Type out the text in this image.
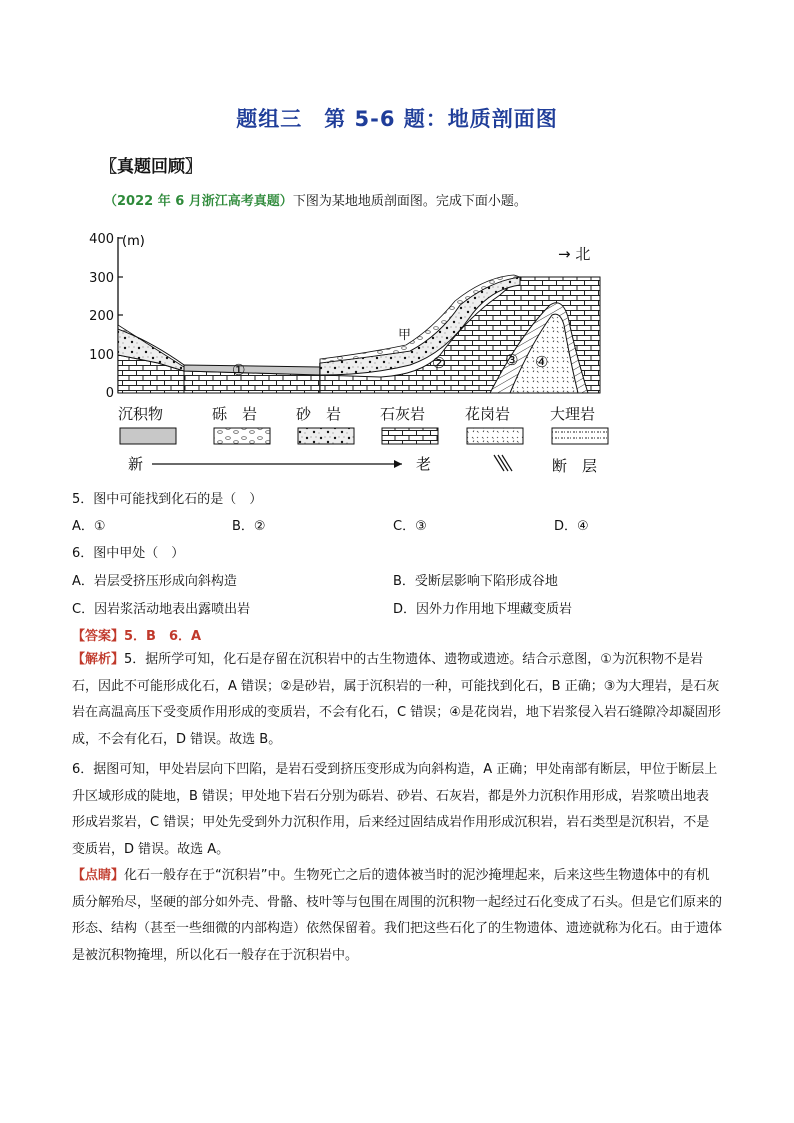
题组三　第 5-6 题：地质剖面图
〖真题回顾〗
（2022 年 6 月浙江高考真题）下图为某地地质剖面图。完成下面小题。
400
300
200
100
0
(m)
①	②	③ ④
甲
→ 北
沉积物	砾　岩	砂　岩	石灰岩	花岗岩	大理岩
新	老	断　层
5．图中可能找到化石的是（　）
A．①	B．②	C．③	D．④
6．图中甲处（　）
A．岩层受挤压形成向斜构造	B．受断层影响下陷形成谷地
C．因岩浆活动地表出露喷出岩	D．因外力作用地下埋藏变质岩
【答案】5．B　6．A
【解析】5．据所学可知，化石是存留在沉积岩中的古生物遗体、遗物或遗迹。结合示意图，①为沉积物不是岩石，因此不可能形成化石，A 错误；②是砂岩，属于沉积岩的一种，可能找到化石，B 正确；③为大理岩，是石灰岩在高温高压下受变质作用形成的变质岩，不会有化石，C 错误；④是花岗岩，地下岩浆侵入岩石缝隙冷却凝固形成，不会有化石，D 错误。故选 B。
6．据图可知，甲处岩层向下凹陷，是岩石受到挤压变形成为向斜构造，A 正确；甲处南部有断层，甲位于断层上升区域形成的陡地，B 错误；甲处地下岩石分别为砾岩、砂岩、石灰岩，都是外力沉积作用形成，岩浆喷出地表形成岩浆岩，C 错误；甲处先受到外力沉积作用，后来经过固结成岩作用形成沉积岩，岩石类型是沉积岩，不是变质岩，D 错误。故选 A。
【点睛】化石一般存在于“沉积岩”中。生物死亡之后的遗体被当时的泥沙掩埋起来，后来这些生物遗体中的有机质分解殆尽，坚硬的部分如外壳、骨骼、枝叶等与包围在周围的沉积物一起经过石化变成了石头。但是它们原来的形态、结构（甚至一些细微的内部构造）依然保留着。我们把这些石化了的生物遗体、遗迹就称为化石。由于遗体是被沉积物掩埋，所以化石一般存在于沉积岩中。
